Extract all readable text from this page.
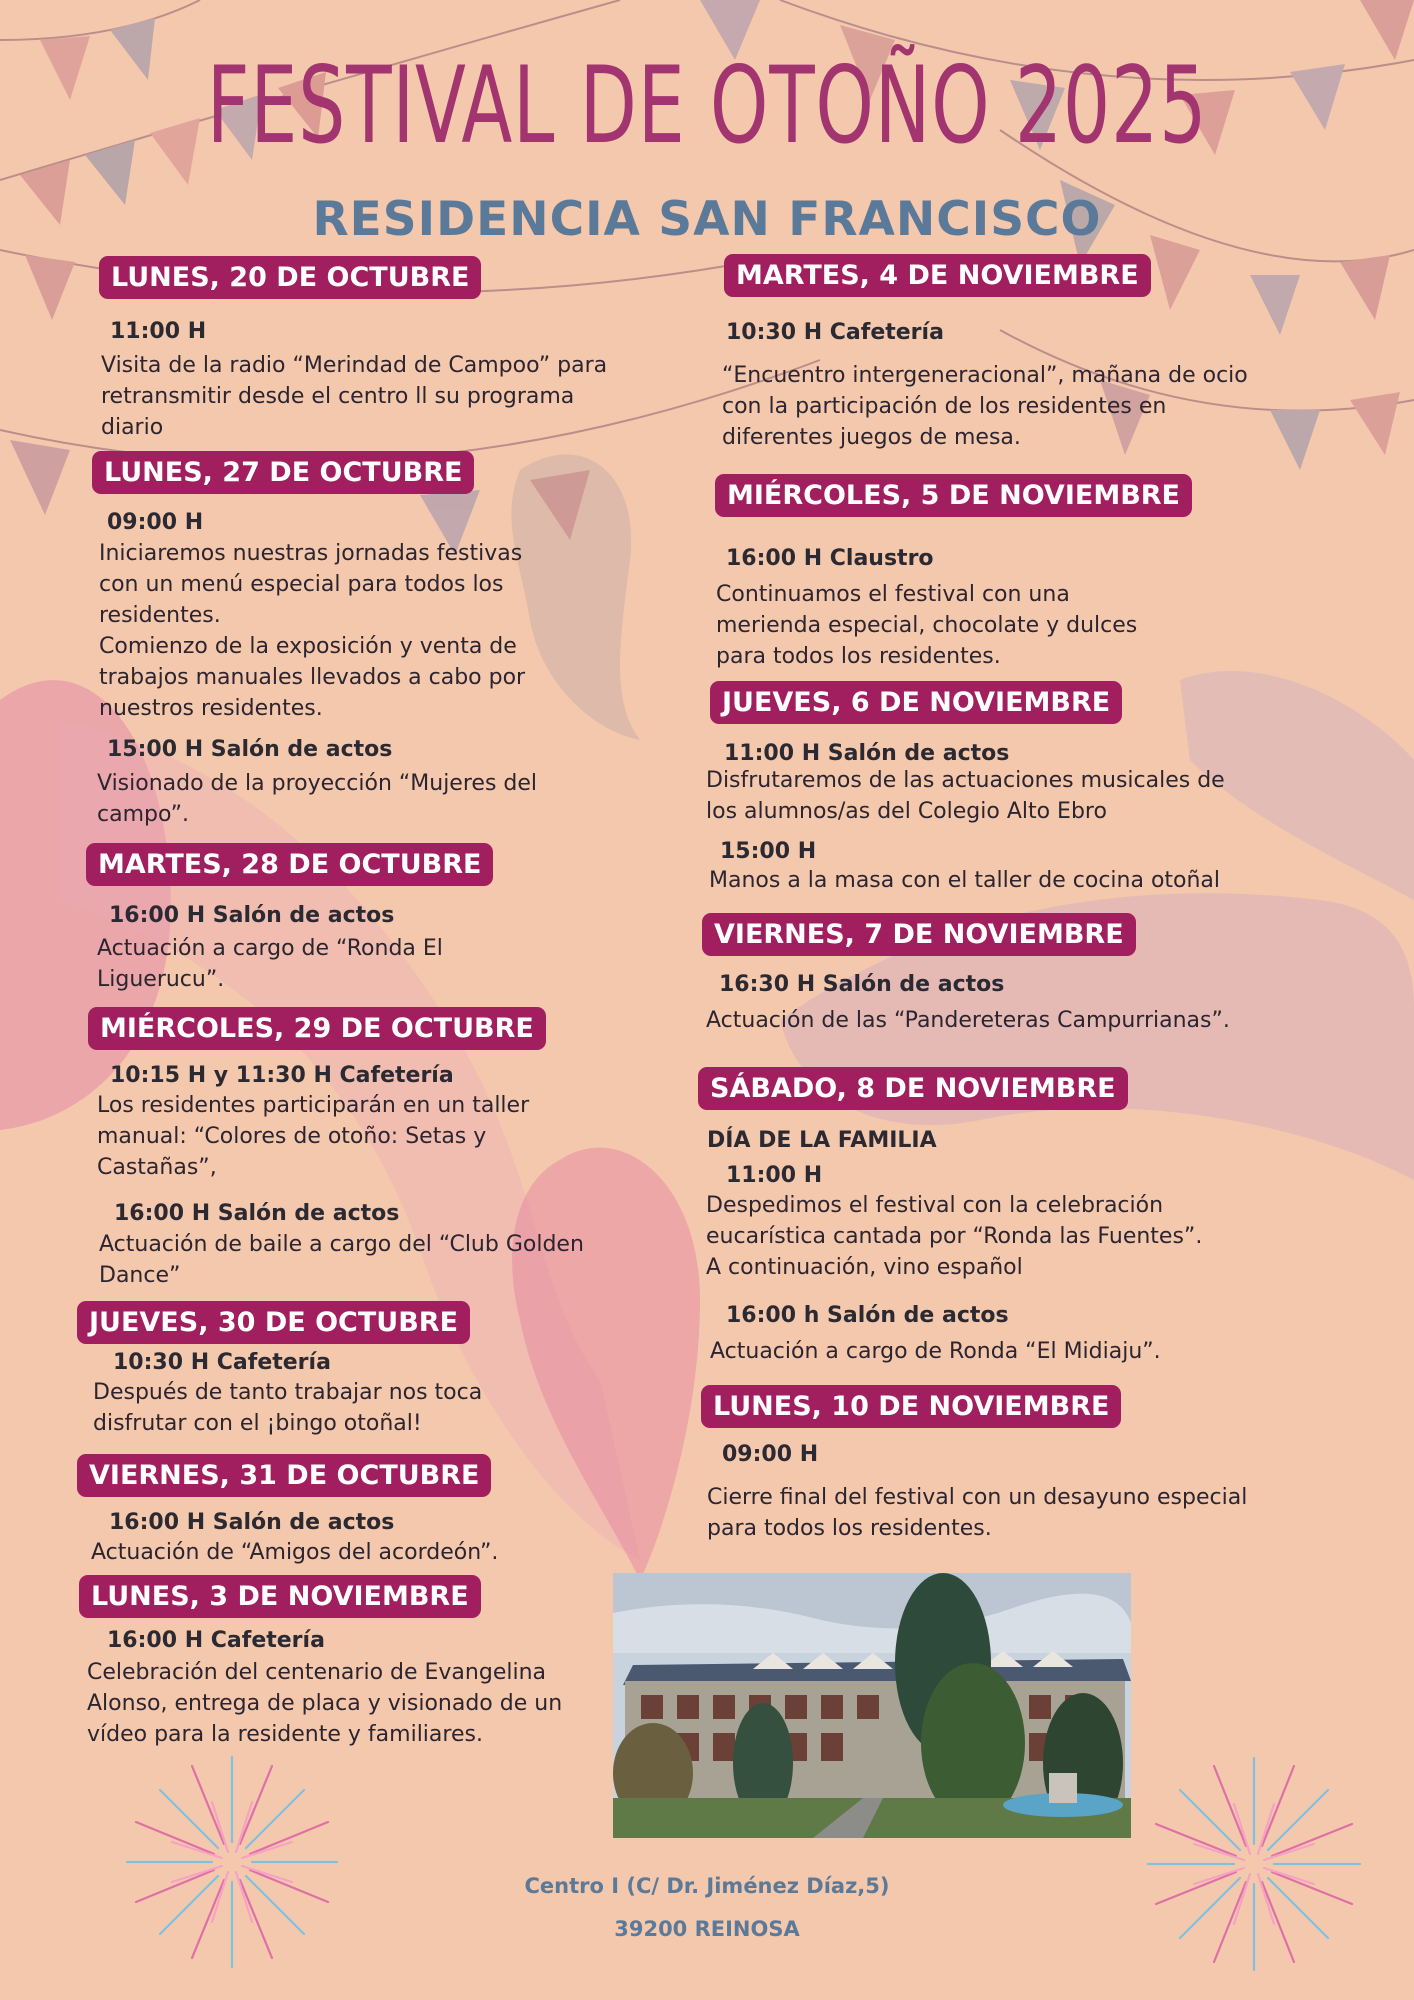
FESTIVAL DE OTOÑO 2025
RESIDENCIA SAN FRANCISCO
LUNES, 20 DE OCTUBRE
11:00 H
Visita de la radio “Merindad de Campoo” para
retransmitir desde el centro ll su programa
diario
LUNES, 27 DE OCTUBRE
09:00 H
Iniciaremos nuestras jornadas festivas
con un menú especial para todos los
residentes.
Comienzo de la exposición y venta de
trabajos manuales llevados a cabo por
nuestros residentes.
15:00 H Salón de actos
Visionado de la proyección “Mujeres del
campo”.
MARTES, 28 DE OCTUBRE
16:00 H Salón de actos
Actuación a cargo de “Ronda El
Liguerucu”.
MIÉRCOLES, 29 DE OCTUBRE
10:15 H y 11:30 H Cafetería
Los residentes participarán en un taller
manual: “Colores de otoño: Setas y
Castañas”,
16:00 H Salón de actos
Actuación de baile a cargo del “Club Golden
Dance”
JUEVES, 30 DE OCTUBRE
10:30 H Cafetería
Después de tanto trabajar nos toca
disfrutar con el ¡bingo otoñal!
VIERNES, 31 DE OCTUBRE
16:00 H Salón de actos
Actuación de “Amigos del acordeón”.
LUNES, 3 DE NOVIEMBRE
16:00 H Cafetería
Celebración del centenario de Evangelina
Alonso, entrega de placa y visionado de un
vídeo para la residente y familiares.
MARTES, 4 DE NOVIEMBRE
10:30 H Cafetería
“Encuentro intergeneracional”, mañana de ocio
con la participación de los residentes en
diferentes juegos de mesa.
MIÉRCOLES, 5 DE NOVIEMBRE
16:00 H Claustro
Continuamos el festival con una
merienda especial, chocolate y dulces
para todos los residentes.
JUEVES, 6 DE NOVIEMBRE
11:00 H Salón de actos
Disfrutaremos de las actuaciones musicales de
los alumnos/as del Colegio Alto Ebro
15:00 H
Manos a la masa con el taller de cocina otoñal
VIERNES, 7 DE NOVIEMBRE
16:30 H Salón de actos
Actuación de las “Pandereteras Campurrianas”.
SÁBADO, 8 DE NOVIEMBRE
DÍA DE LA FAMILIA
11:00 H
Despedimos el festival con la celebración
eucarística cantada por “Ronda las Fuentes”.
A continuación, vino español
16:00 h Salón de actos
Actuación a cargo de Ronda “El Midiaju”.
LUNES, 10 DE NOVIEMBRE
09:00 H
Cierre final del festival con un desayuno especial
para todos los residentes.
Centro I (C/ Dr. Jiménez Díaz,5)
39200 REINOSA
